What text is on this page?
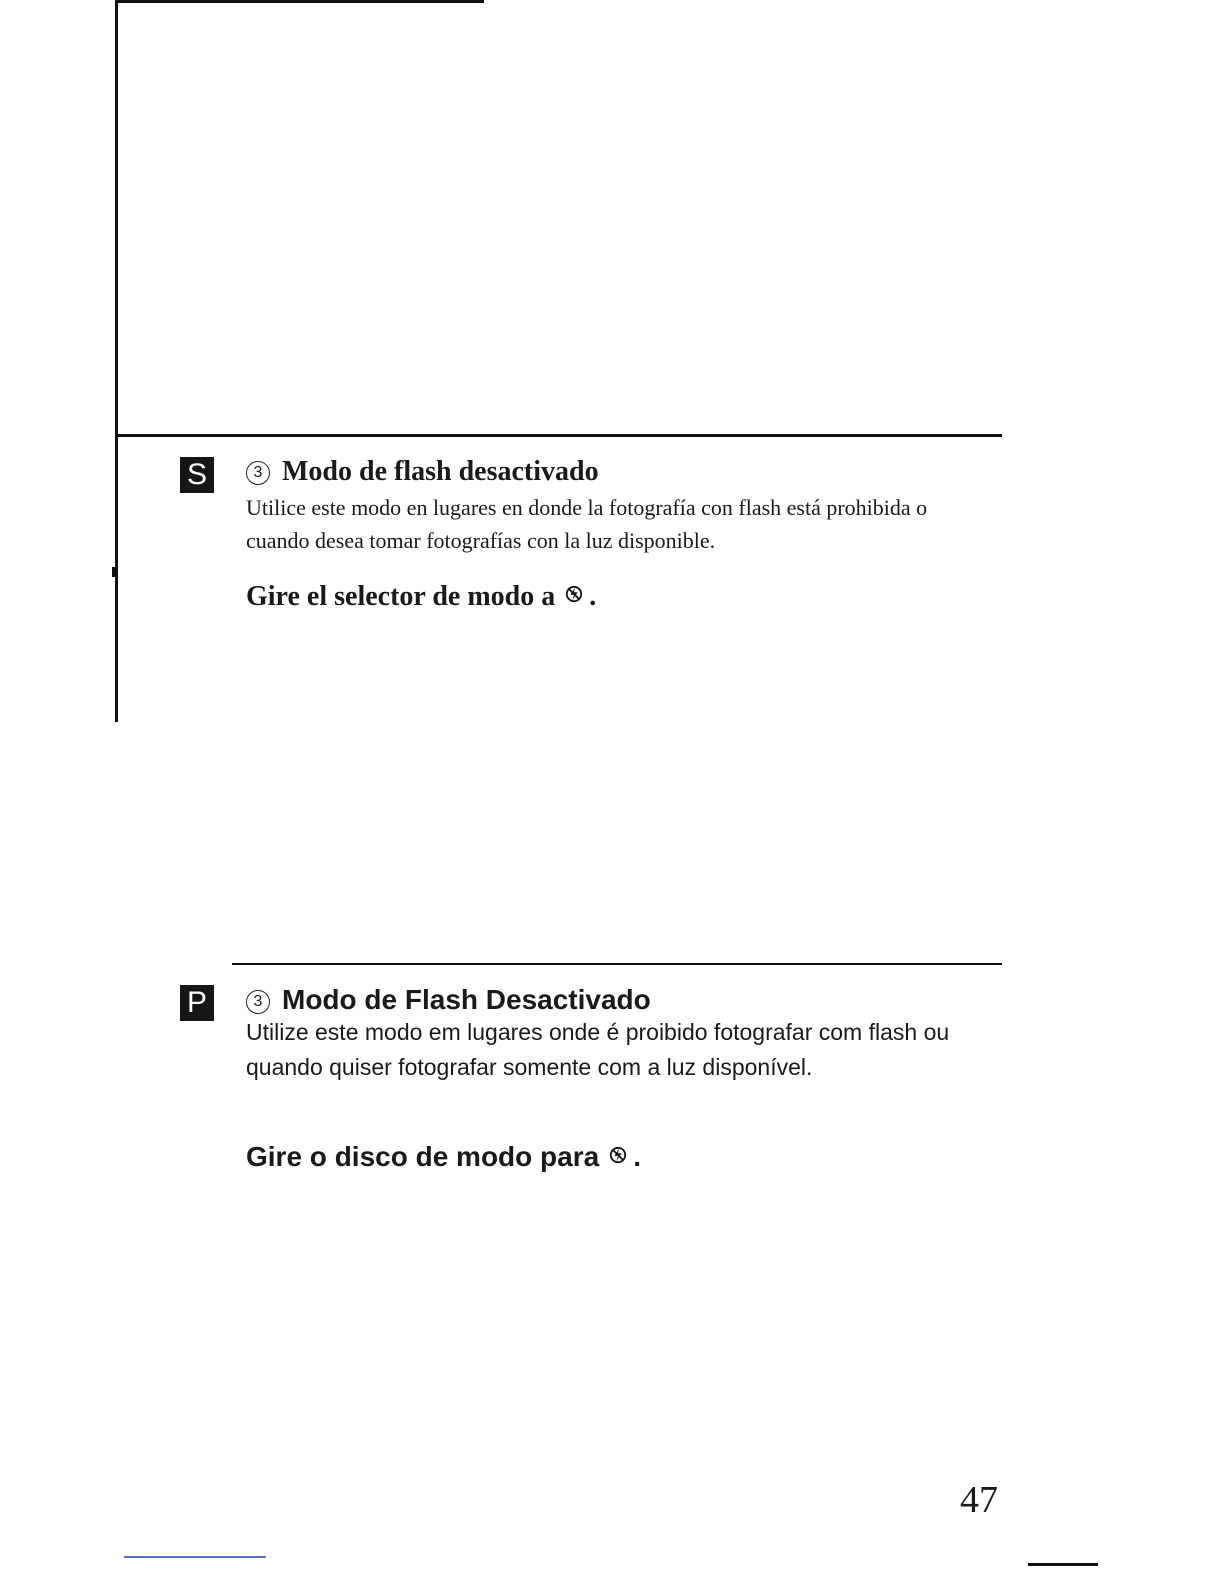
S	3 Modo de flash desactivado
Utilice este modo en lugares en donde la fotografía con flash está prohibida o cuando desea tomar fotografías con la luz disponible.
Gire el selector de modo a .
P	3 Modo de Flash Desactivado
Utilize este modo em lugares onde é proibido fotografar com flash ou quando quiser fotografar somente com a luz disponível.
Gire o disco de modo para .
47
